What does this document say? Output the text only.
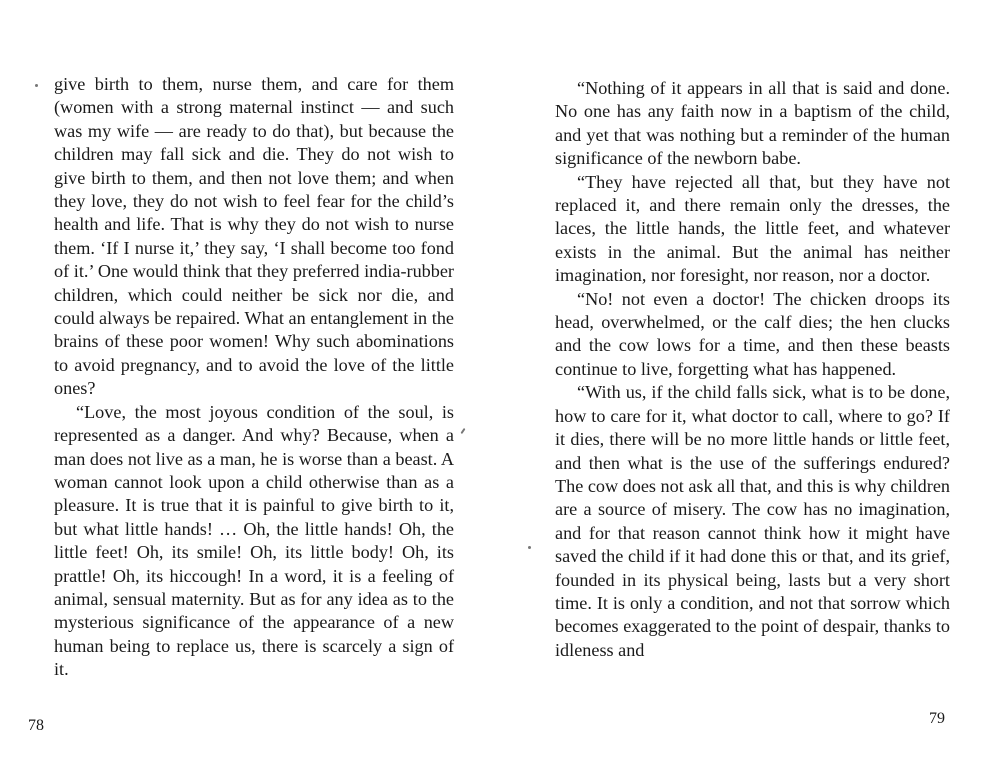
give birth to them, nurse them, and care for them (women with a strong maternal instinct — and such was my wife — are ready to do that), but because the children may fall sick and die. They do not wish to give birth to them, and then not love them; and when they love, they do not wish to feel fear for the child’s health and life. That is why they do not wish to nurse them. ‘If I nurse it,’ they say, ‘I shall become too fond of it.’ One would think that they preferred india-rubber children, which could neither be sick nor die, and could always be repaired. What an entanglement in the brains of these poor women! Why such abominations to avoid pregnancy, and to avoid the love of the little ones?

“Love, the most joyous condition of the soul, is represented as a danger. And why? Because, when a man does not live as a man, he is worse than a beast. A woman cannot look upon a child otherwise than as a pleasure. It is true that it is painful to give birth to it, but what little hands! … Oh, the little hands! Oh, the little feet! Oh, its smile! Oh, its little body! Oh, its prattle! Oh, its hiccough! In a word, it is a feeling of animal, sensual maternity. But as for any idea as to the mysterious significance of the appearance of a new human being to replace us, there is scarcely a sign of it.

78

“Nothing of it appears in all that is said and done. No one has any faith now in a baptism of the child, and yet that was nothing but a reminder of the human significance of the newborn babe.

“They have rejected all that, but they have not replaced it, and there remain only the dresses, the laces, the little hands, the little feet, and whatever exists in the animal. But the animal has neither imagination, nor foresight, nor reason, nor a doctor.

“No! not even a doctor! The chicken droops its head, overwhelmed, or the calf dies; the hen clucks and the cow lows for a time, and then these beasts continue to live, forgetting what has happened.

“With us, if the child falls sick, what is to be done, how to care for it, what doctor to call, where to go? If it dies, there will be no more little hands or little feet, and then what is the use of the sufferings endured? The cow does not ask all that, and this is why children are a source of misery. The cow has no imagination, and for that reason cannot think how it might have saved the child if it had done this or that, and its grief, founded in its physical being, lasts but a very short time. It is only a condition, and not that sorrow which becomes exaggerated to the point of despair, thanks to idleness and

79
